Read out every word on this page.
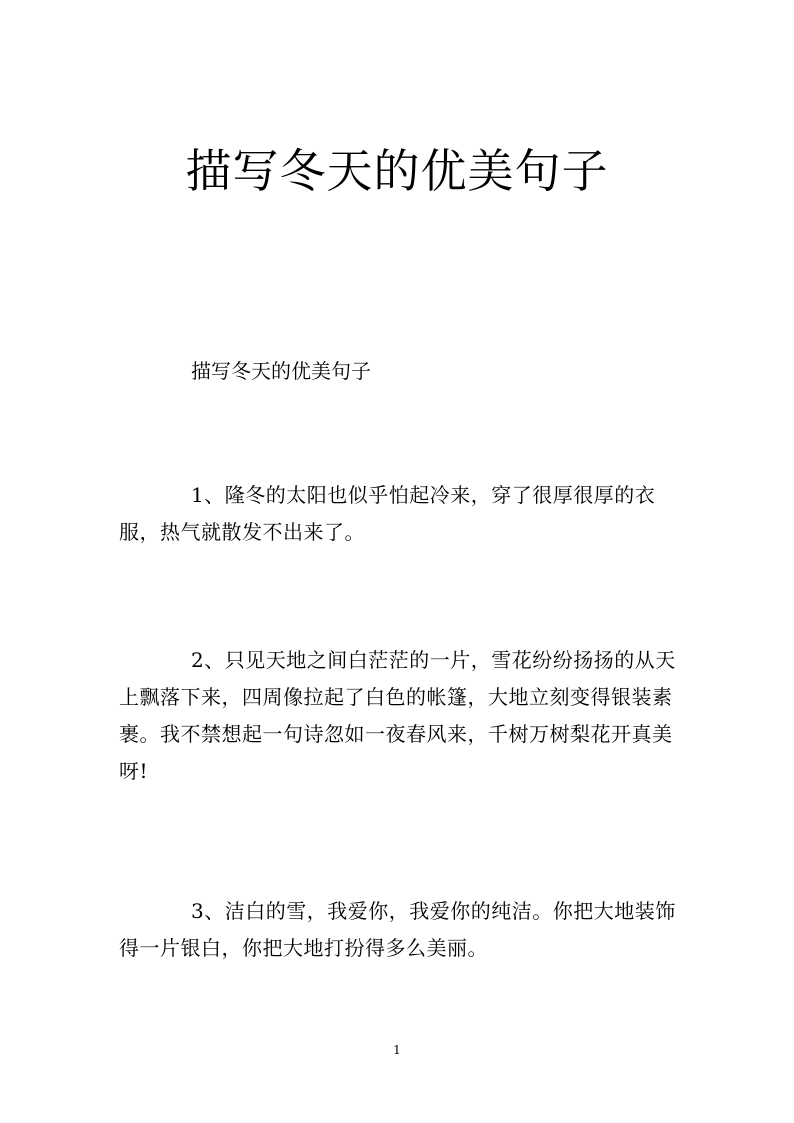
描写冬天的优美句子

描写冬天的优美句子

1、隆冬的太阳也似乎怕起冷来，穿了很厚很厚的衣服，热气就散发不出来了。

2、只见天地之间白茫茫的一片，雪花纷纷扬扬的从天上飘落下来，四周像拉起了白色的帐篷，大地立刻变得银装素裹。我不禁想起一句诗忽如一夜春风来，千树万树梨花开真美呀!

3、洁白的雪，我爱你，我爱你的纯洁。你把大地装饰得一片银白，你把大地打扮得多么美丽。

1
